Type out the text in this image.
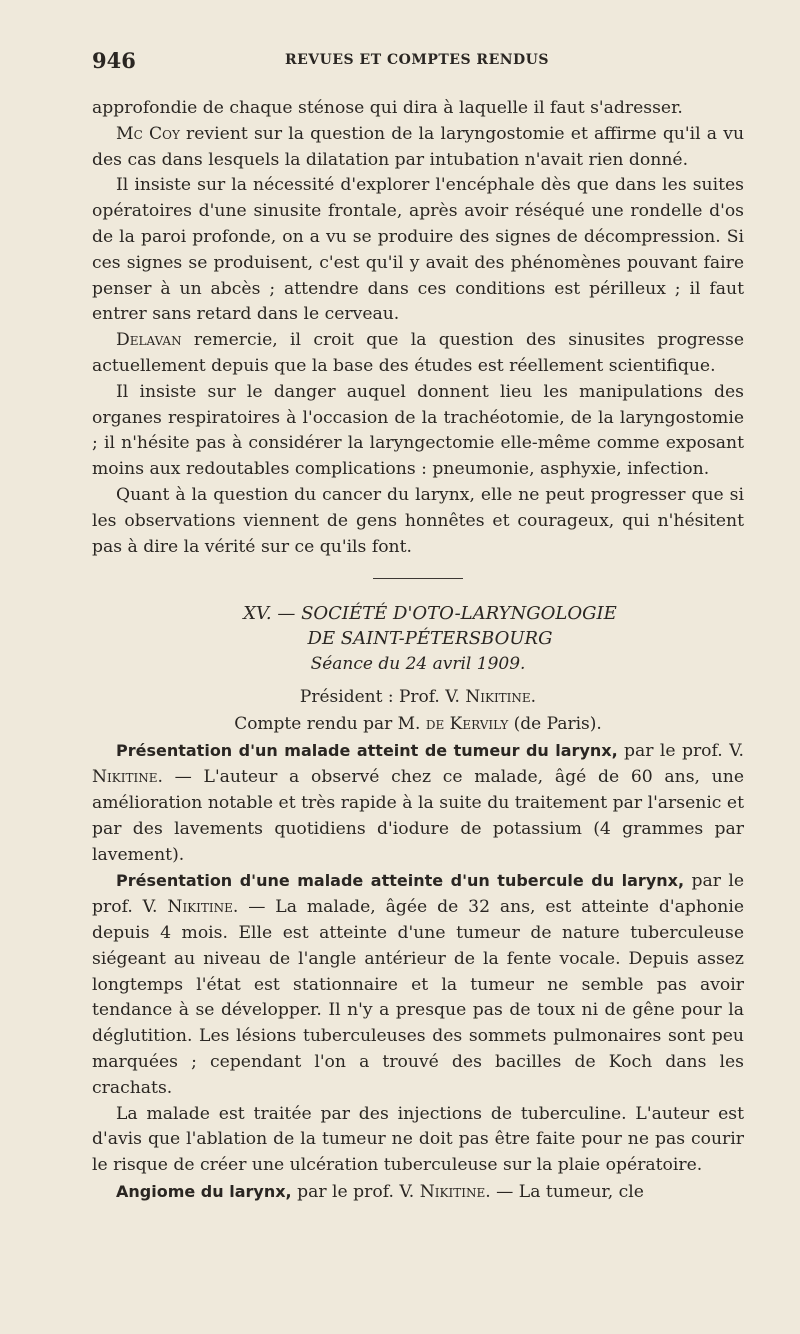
946	REVUES ET COMPTES RENDUS

approfondie de chaque sténose qui dira à laquelle il faut s'adresser.

Mc Coy revient sur la question de la laryngostomie et affirme qu'il a vu des cas dans lesquels la dilatation par intubation n'avait rien donné.

Il insiste sur la nécessité d'explorer l'encéphale dès que dans les suites opératoires d'une sinusite frontale, après avoir réséqué une rondelle d'os de la paroi profonde, on a vu se produire des signes de décompression. Si ces signes se produisent, c'est qu'il y avait des phénomènes pouvant faire penser à un abcès ; attendre dans ces conditions est périlleux ; il faut entrer sans retard dans le cerveau.

Delavan remercie, il croit que la question des sinusites progresse actuellement depuis que la base des études est réellement scientifique.

Il insiste sur le danger auquel donnent lieu les manipulations des organes respiratoires à l'occasion de la trachéotomie, de la laryngostomie ; il n'hésite pas à considérer la laryngectomie elle-même comme exposant moins aux redoutables complications : pneumonie, asphyxie, infection.

Quant à la question du cancer du larynx, elle ne peut progresser que si les observations viennent de gens honnêtes et courageux, qui n'hésitent pas à dire la vérité sur ce qu'ils font.

XV. — SOCIÉTÉ D'OTO-LARYNGOLOGIE

DE SAINT-PÉTERSBOURG

Séance du 24 avril 1909.
Président : Prof. V. Nikitine.
Compte rendu par M. de Kervily (de Paris).

Présentation d'un malade atteint de tumeur du larynx, par le prof. V. Nikitine. — L'auteur a observé chez ce malade, âgé de 60 ans, une amélioration notable et très rapide à la suite du traitement par l'arsenic et par des lavements quotidiens d'iodure de potassium (4 grammes par lavement).

Présentation d'une malade atteinte d'un tubercule du larynx, par le prof. V. Nikitine. — La malade, âgée de 32 ans, est atteinte d'aphonie depuis 4 mois. Elle est atteinte d'une tumeur de nature tuberculeuse siégeant au niveau de l'angle antérieur de la fente vocale. Depuis assez longtemps l'état est stationnaire et la tumeur ne semble pas avoir tendance à se développer. Il n'y a presque pas de toux ni de gêne pour la déglutition. Les lésions tuberculeuses des sommets pulmonaires sont peu marquées ; cependant l'on a trouvé des bacilles de Koch dans les crachats.

La malade est traitée par des injections de tuberculine. L'auteur est d'avis que l'ablation de la tumeur ne doit pas être faite pour ne pas courir le risque de créer une ulcération tuberculeuse sur la plaie opératoire.

Angiome du larynx, par le prof. V. Nikitine. — La tumeur, cle
